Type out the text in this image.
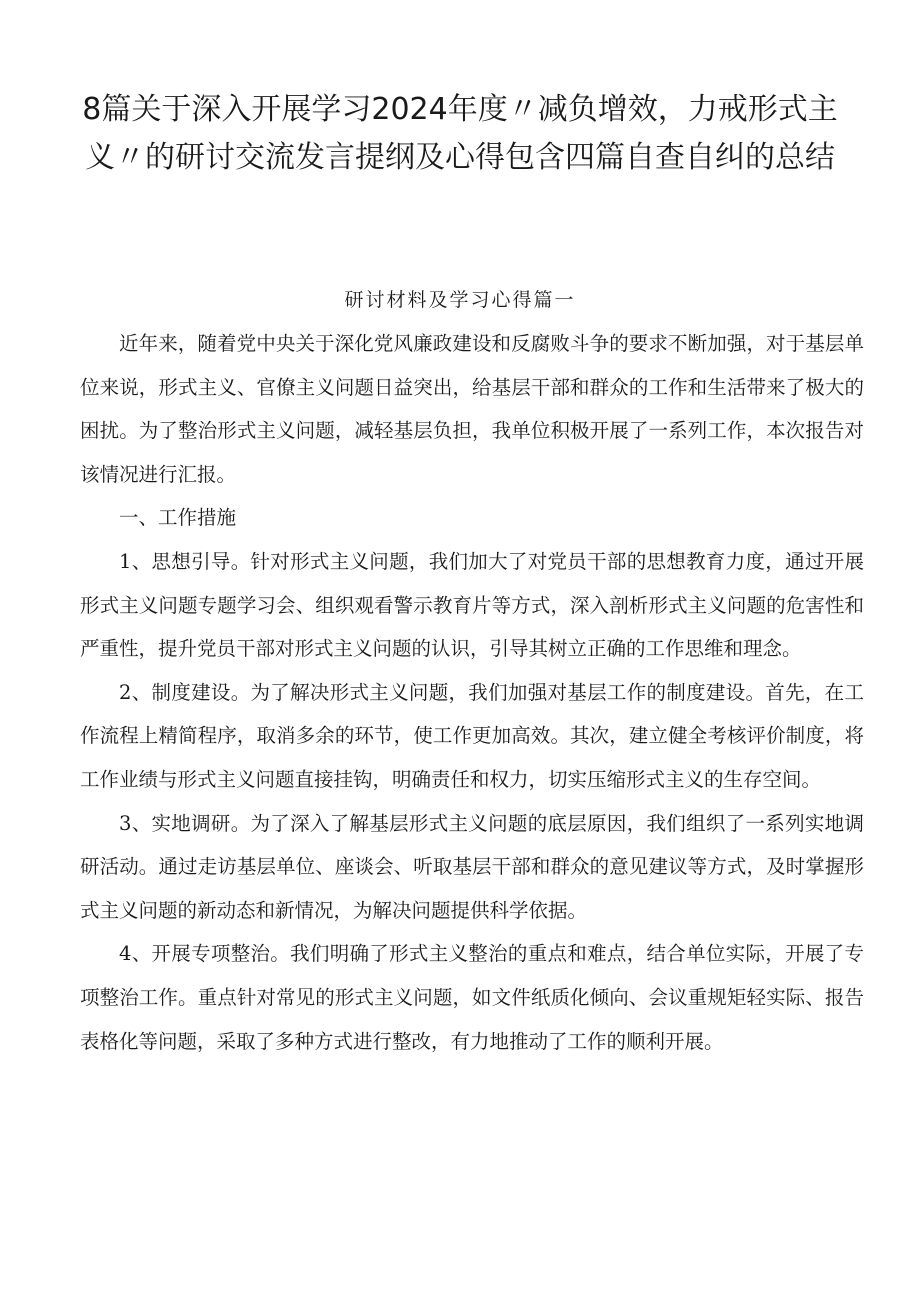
8篇关于深入开展学习2024年度〃减负增效，力戒形式主义〃的研讨交流发言提纲及心得包含四篇自查自纠的总结
研讨材料及学习心得篇一

近年来，随着党中央关于深化党风廉政建设和反腐败斗争的要求不断加强，对于基层单位来说，形式主义、官僚主义问题日益突出，给基层干部和群众的工作和生活带来了极大的困扰。为了整治形式主义问题，减轻基层负担，我单位积极开展了一系列工作，本次报告对该情况进行汇报。

一、工作措施

1、思想引导。针对形式主义问题，我们加大了对党员干部的思想教育力度，通过开展形式主义问题专题学习会、组织观看警示教育片等方式，深入剖析形式主义问题的危害性和严重性，提升党员干部对形式主义问题的认识，引导其树立正确的工作思维和理念。

2、制度建设。为了解决形式主义问题，我们加强对基层工作的制度建设。首先，在工作流程上精简程序，取消多余的环节，使工作更加高效。其次，建立健全考核评价制度，将工作业绩与形式主义问题直接挂钩，明确责任和权力，切实压缩形式主义的生存空间。

3、实地调研。为了深入了解基层形式主义问题的底层原因，我们组织了一系列实地调研活动。通过走访基层单位、座谈会、听取基层干部和群众的意见建议等方式，及时掌握形式主义问题的新动态和新情况，为解决问题提供科学依据。

4、开展专项整治。我们明确了形式主义整治的重点和难点，结合单位实际，开展了专项整治工作。重点针对常见的形式主义问题，如文件纸质化倾向、会议重规矩轻实际、报告表格化等问题，采取了多种方式进行整改，有力地推动了工作的顺利开展。
